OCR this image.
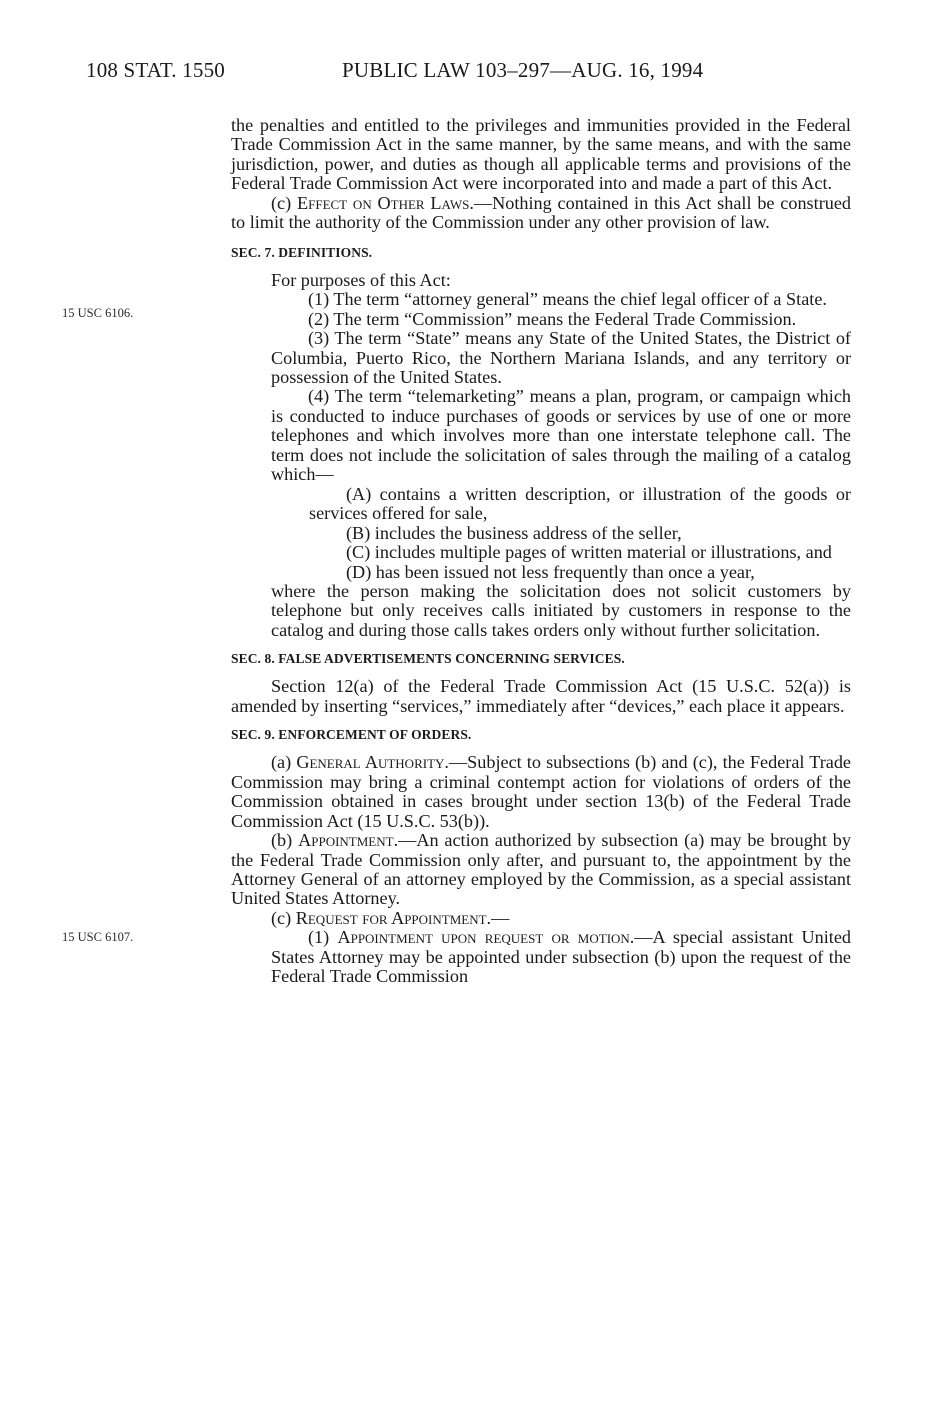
108 STAT. 1550	PUBLIC LAW 103–297—AUG. 16, 1994
15 USC 6106.
15 USC 6107.

the penalties and entitled to the privileges and immunities provided in the Federal Trade Commission Act in the same manner, by the same means, and with the same jurisdiction, power, and duties as though all applicable terms and provisions of the Federal Trade Commission Act were incorporated into and made a part of this Act.

(c) Effect on Other Laws.—Nothing contained in this Act shall be construed to limit the authority of the Commission under any other provision of law.

SEC. 7. DEFINITIONS.

For purposes of this Act:

(1) The term “attorney general” means the chief legal officer of a State.

(2) The term “Commission” means the Federal Trade Commission.

(3) The term “State” means any State of the United States, the District of Columbia, Puerto Rico, the Northern Mariana Islands, and any territory or possession of the United States.

(4) The term “telemarketing” means a plan, program, or campaign which is conducted to induce purchases of goods or services by use of one or more telephones and which involves more than one interstate telephone call. The term does not include the solicitation of sales through the mailing of a catalog which—

(A) contains a written description, or illustration of the goods or services offered for sale,

(B) includes the business address of the seller,

(C) includes multiple pages of written material or illustrations, and

(D) has been issued not less frequently than once a year,

where the person making the solicitation does not solicit customers by telephone but only receives calls initiated by customers in response to the catalog and during those calls takes orders only without further solicitation.

SEC. 8. FALSE ADVERTISEMENTS CONCERNING SERVICES.

Section 12(a) of the Federal Trade Commission Act (15 U.S.C. 52(a)) is amended by inserting “services,” immediately after “devices,” each place it appears.

SEC. 9. ENFORCEMENT OF ORDERS.

(a) General Authority.—Subject to subsections (b) and (c), the Federal Trade Commission may bring a criminal contempt action for violations of orders of the Commission obtained in cases brought under section 13(b) of the Federal Trade Commission Act (15 U.S.C. 53(b)).

(b) Appointment.—An action authorized by subsection (a) may be brought by the Federal Trade Commission only after, and pursuant to, the appointment by the Attorney General of an attorney employed by the Commission, as a special assistant United States Attorney.

(c) Request for Appointment.—

(1) Appointment upon request or motion.—A special assistant United States Attorney may be appointed under subsection (b) upon the request of the Federal Trade Commission
